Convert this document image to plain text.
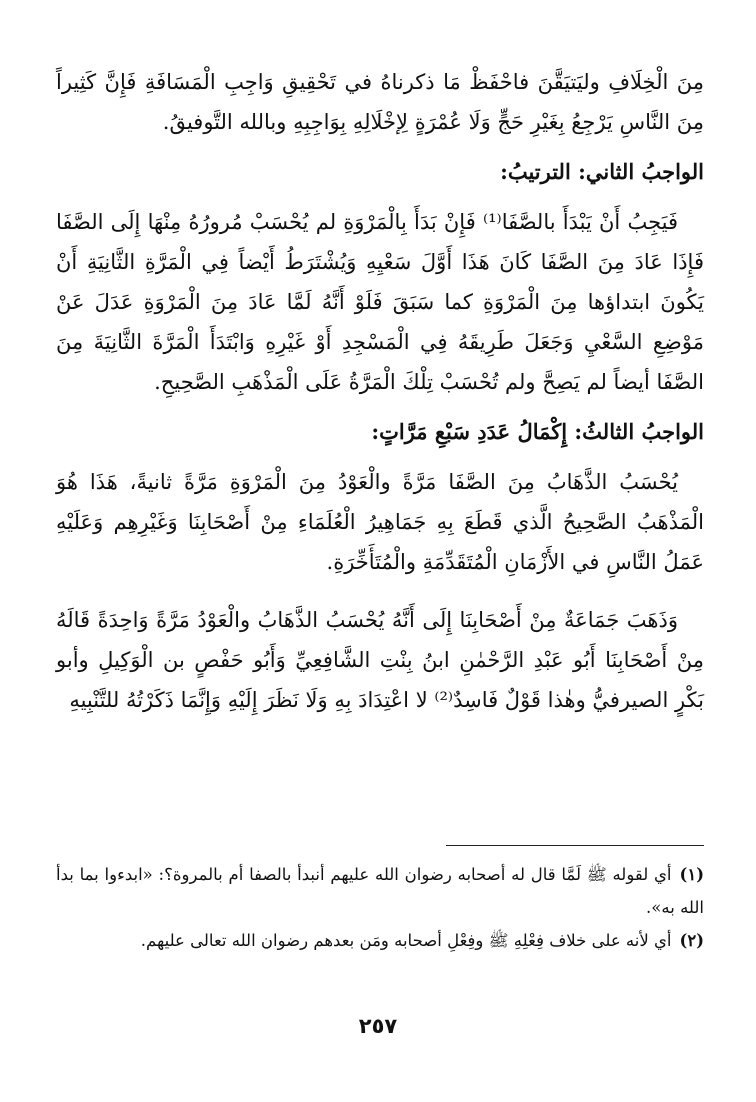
مِنَ الْخِلَافِ وليَتيَقَّنَ فاحْفَظْ مَا ذكرناهُ في تَحْقِيقِ وَاجِبِ الْمَسَافَةِ فَإِنَّ كَثِيراً مِنَ النَّاسِ يَرْجِعُ بِغَيْرِ حَجٍّ وَلَا عُمْرَةٍ لِإخْلَالِهِ بِوَاجِبِهِ وبالله التَّوفيقُ.

الواجبُ الثاني: الترتيبُ:

فَيَجِبُ أَنْ يَبْدَأَ بالصَّفَا⁽¹⁾ فَإِنْ بَدَأَ بِالْمَرْوَةِ لم يُحْسَبْ مُرورُهُ مِنْهَا إِلَى الصَّفَا فَإِذَا عَادَ مِنَ الصَّفَا كَانَ هَذَا أَوَّلَ سَعْيِهِ وَيُشْتَرَطُ أَيْضاً فِي الْمَرَّةِ الثَّانِيَةِ أَنْ يَكُونَ ابتداؤها مِنَ الْمَرْوَةِ كما سَبَقَ فَلَوْ أَنَّهُ لَمَّا عَادَ مِنَ الْمَرْوَةِ عَدَلَ عَنْ مَوْضِعِ السَّعْيِ وَجَعَلَ طَرِيقَهُ فِي الْمَسْجِدِ أَوْ غَيْرِهِ وَابْتَدَأَ الْمَرَّةَ الثَّانِيَةَ مِنَ الصَّفَا أيضاً لم يَصِحَّ ولم تُحْسَبْ تِلْكَ الْمَرَّةُ عَلَى الْمَذْهَبِ الصَّحِيحِ.

الواجبُ الثالثُ: إِكْمَالُ عَدَدِ سَبْعِ مَرَّاتٍ:

يُحْسَبُ الذَّهَابُ مِنَ الصَّفَا مَرَّةً والْعَوْدُ مِنَ الْمَرْوَةِ مَرَّةً ثانيةً، هَذَا هُوَ الْمَذْهَبُ الصَّحِيحُ الَّذي قَطَعَ بِهِ جَمَاهِيرُ الْعُلَمَاءِ مِنْ أَصْحَابِنَا وَغَيْرِهِم وَعَلَيْهِ عَمَلُ النَّاسِ في الأَزْمَانِ الْمُتَقَدِّمَةِ والْمُتَأَخِّرَةِ.

وَذَهَبَ جَمَاعَةٌ مِنْ أَصْحَابِنَا إِلَى أَنَّهُ يُحْسَبُ الذَّهَابُ والْعَوْدُ مَرَّةً وَاحِدَةً قَالَهُ مِنْ أَصْحَابِنَا أَبُو عَبْدِ الرَّحْمٰنِ ابنُ بِنْتِ الشَّافِعِيِّ وَأَبُو حَفْصٍ بن الْوَكِيلِ وأبو بَكْرٍ الصيرفيُّ وهٰذا قَوْلٌ فَاسِدٌ⁽²⁾ لا اعْتِدَادَ بِهِ وَلَا نَظَرَ إِلَيْهِ وَإِنَّمَا ذَكَرْتُهُ للتَّنْبِيهِ

(١)أي لقوله ﷺ لَمَّا قال له أصحابه رضوان الله عليهم أنبدأ بالصفا أم بالمروة؟: «ابدءوا بما بدأ الله به».

(٢)أي لأنه على خلاف فِعْلِهِ ﷺ وفِعْلِ أصحابه ومَن بعدهم رضوان الله تعالى عليهم.

٢٥٧
